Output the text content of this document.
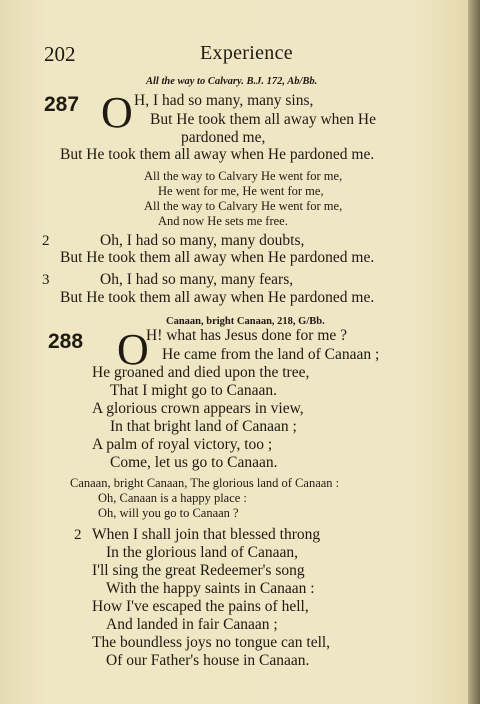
202	Experience
All the way to Calvary. B.J. 172, Ab/Bb.
287 O H, I had so many, many sins,
But He took them all away when He
pardoned me,
But He took them all away when He pardoned me.
All the way to Calvary He went for me,
He went for me, He went for me,
All the way to Calvary He went for me,
And now He sets me free.
2	Oh, I had so many, many doubts,
But He took them all away when He pardoned me.
3	Oh, I had so many, many fears,
But He took them all away when He pardoned me.
Canaan, bright Canaan, 218, G/Bb.
288 O
H! what has Jesus done for me ?
He came from the land of Canaan ;
He groaned and died upon the tree,
That I might go to Canaan.
A glorious crown appears in view,
In that bright land of Canaan ;
A palm of royal victory, too ;
Come, let us go to Canaan.
Canaan, bright Canaan, The glorious land of Canaan :
Oh, Canaan is a happy place :
Oh, will you go to Canaan ?
2 When I shall join that blessed throng
In the glorious land of Canaan,
I'll sing the great Redeemer's song
With the happy saints in Canaan :
How I've escaped the pains of hell,
And landed in fair Canaan ;
The boundless joys no tongue can tell,
Of our Father's house in Canaan.
